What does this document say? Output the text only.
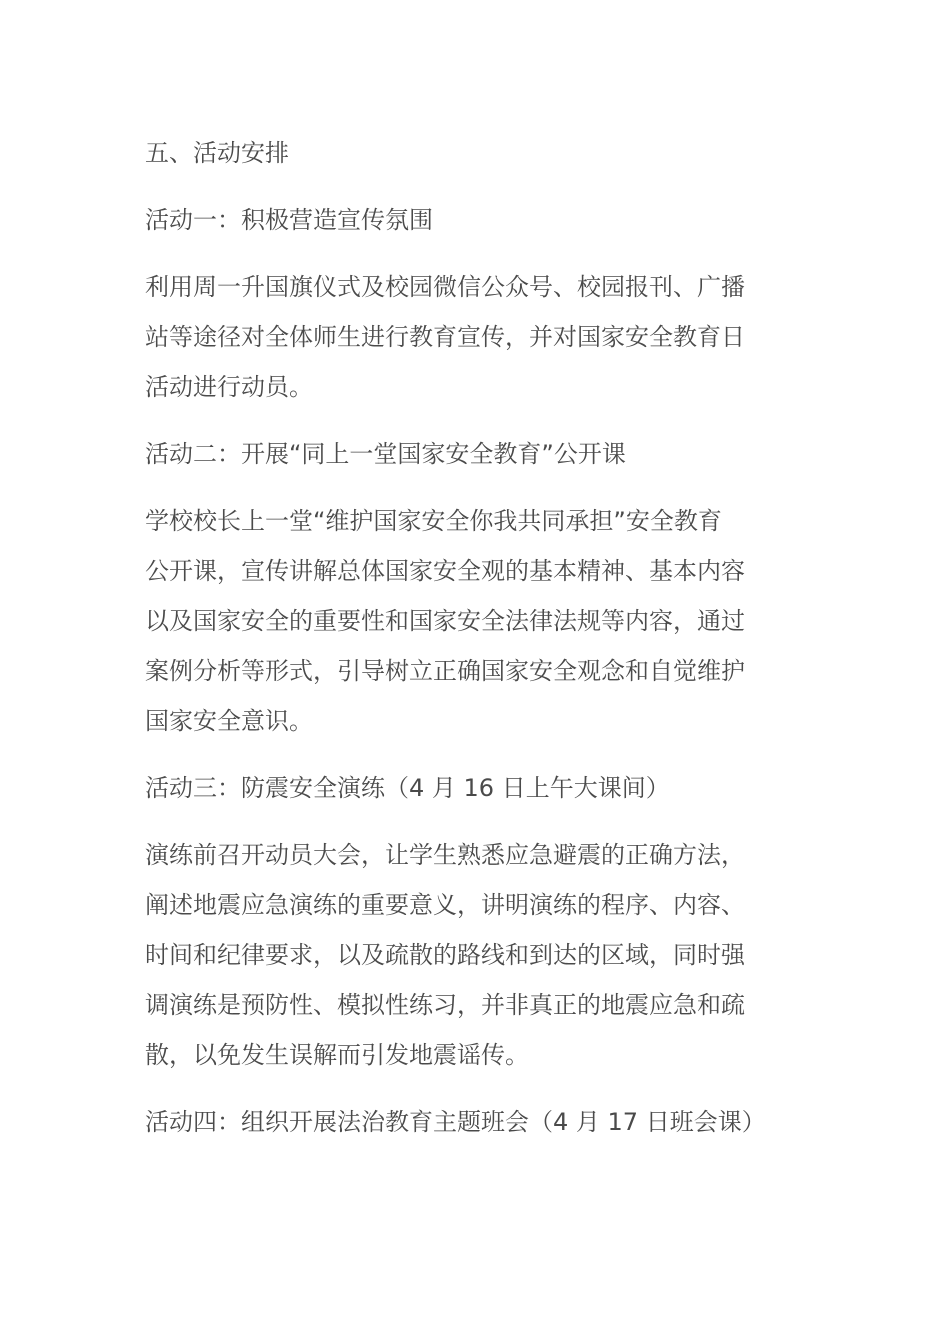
五、活动安排
活动一：积极营造宣传氛围
利用周一升国旗仪式及校园微信公众号、校园报刊、广播
站等途径对全体师生进行教育宣传，并对国家安全教育日
活动进行动员。
活动二：开展“同上一堂国家安全教育”公开课
学校校长上一堂“维护国家安全你我共同承担”安全教育
公开课，宣传讲解总体国家安全观的基本精神、基本内容
以及国家安全的重要性和国家安全法律法规等内容，通过
案例分析等形式，引导树立正确国家安全观念和自觉维护
国家安全意识。
活动三：防震安全演练（4 月 16 日上午大课间）
演练前召开动员大会，让学生熟悉应急避震的正确方法，
阐述地震应急演练的重要意义，讲明演练的程序、内容、
时间和纪律要求，以及疏散的路线和到达的区域，同时强
调演练是预防性、模拟性练习，并非真正的地震应急和疏
散，以免发生误解而引发地震谣传。
活动四：组织开展法治教育主题班会（4 月 17 日班会课）
